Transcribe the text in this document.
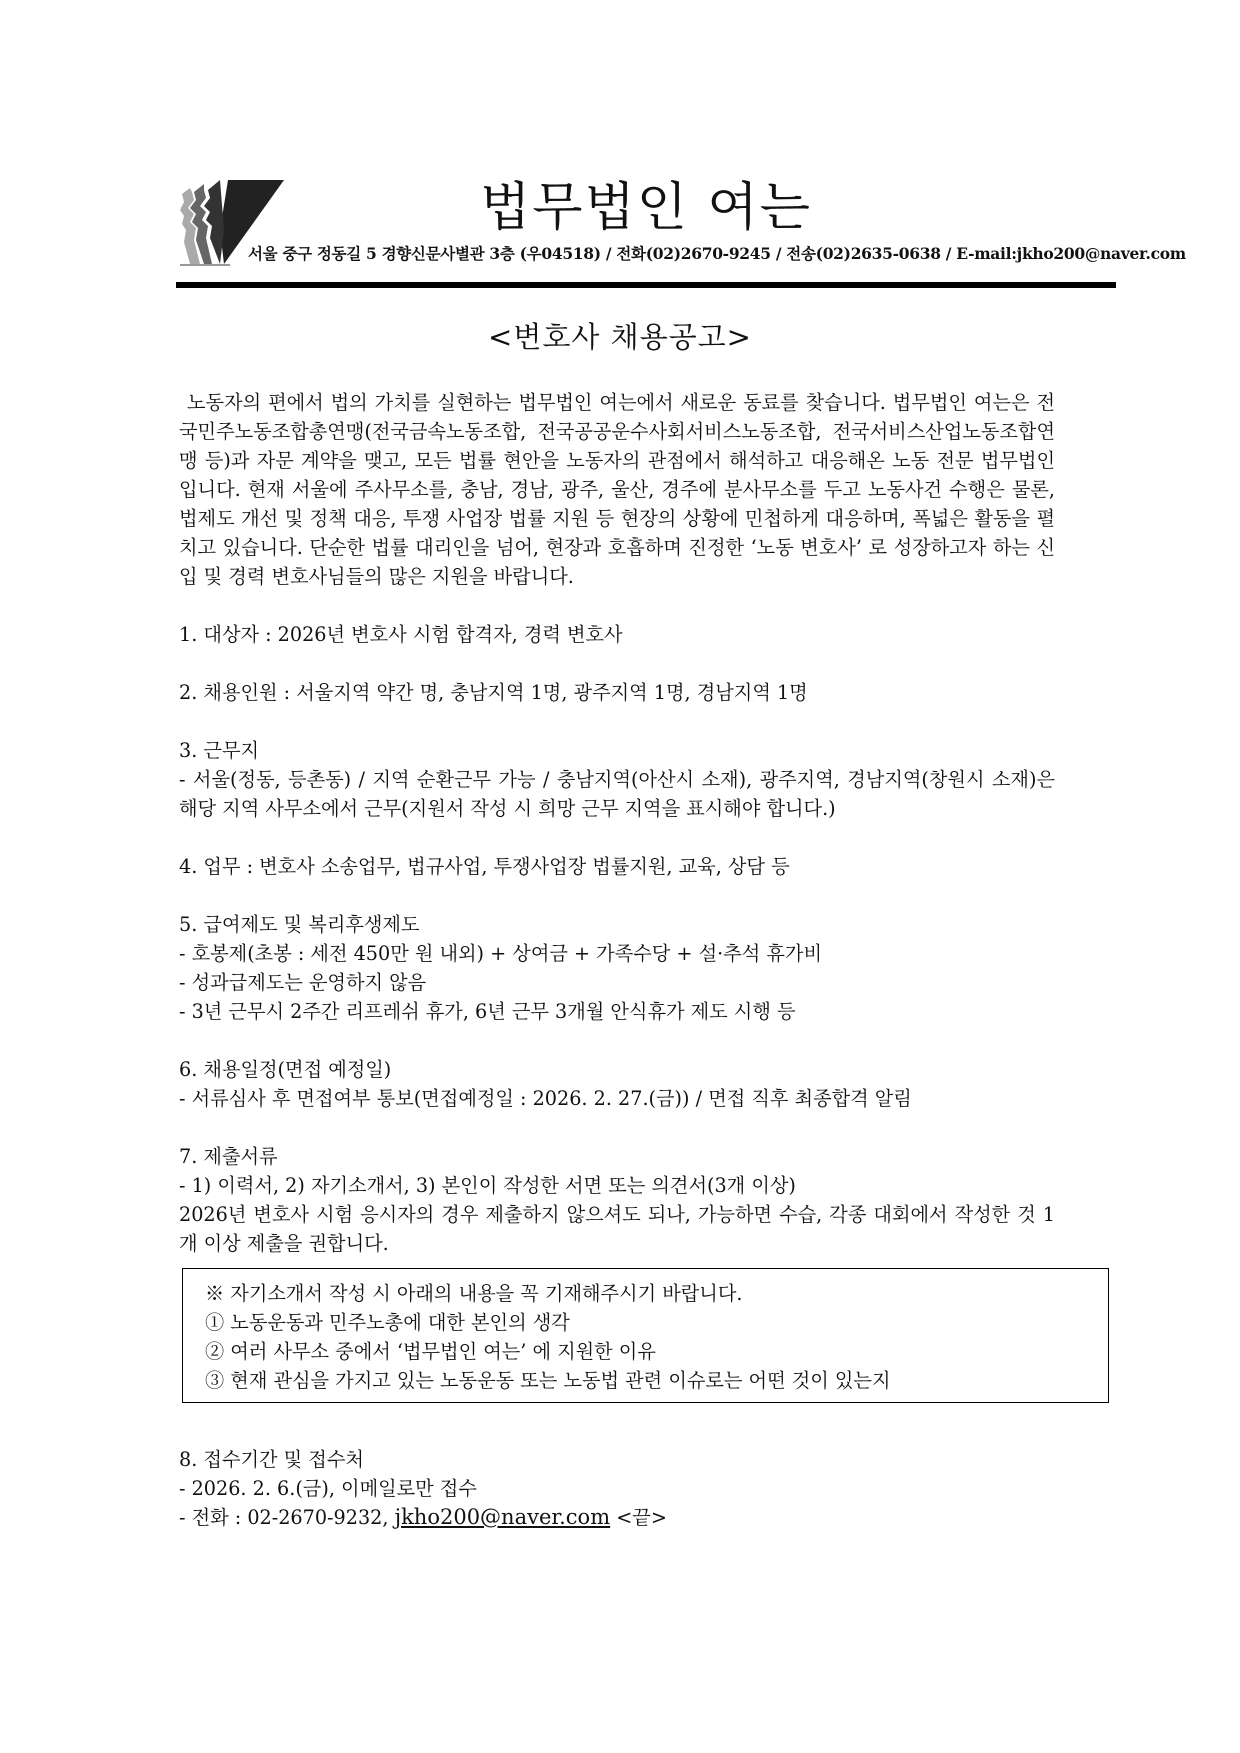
법무법인 여는
서울 중구 정동길 5 경향신문사별관 3층 (우04518) / 전화(02)2670-9245 / 전송(02)2635-0638 / E-mail:jkho200@naver.com
<변호사 채용공고>

노동자의 편에서 법의 가치를 실현하는 법무법인 여는에서 새로운 동료를 찾습니다. 법무법인 여는은 전국민주노동조합총연맹(전국금속노동조합, 전국공공운수사회서비스노동조합, 전국서비스산업노동조합연맹 등)과 자문 계약을 맺고, 모든 법률 현안을 노동자의 관점에서 해석하고 대응해온 노동 전문 법무법인입니다. 현재 서울에 주사무소를, 충남, 경남, 광주, 울산, 경주에 분사무소를 두고 노동사건 수행은 물론, 법제도 개선 및 정책 대응, 투쟁 사업장 법률 지원 등 현장의 상황에 민첩하게 대응하며, 폭넓은 활동을 펼치고 있습니다. 단순한 법률 대리인을 넘어, 현장과 호흡하며 진정한 ‘노동 변호사’ 로 성장하고자 하는 신입 및 경력 변호사님들의 많은 지원을 바랍니다.

1. 대상자 : 2026년 변호사 시험 합격자, 경력 변호사
2. 채용인원 : 서울지역 약간 명, 충남지역 1명, 광주지역 1명, 경남지역 1명
3. 근무지
- 서울(정동, 등촌동) / 지역 순환근무 가능 / 충남지역(아산시 소재), 광주지역, 경남지역(창원시 소재)은 해당 지역 사무소에서 근무(지원서 작성 시 희망 근무 지역을 표시해야 합니다.)
4. 업무 : 변호사 소송업무, 법규사업, 투쟁사업장 법률지원, 교육, 상담 등
5. 급여제도 및 복리후생제도
- 호봉제(초봉 : 세전 450만 원 내외) + 상여금 + 가족수당 + 설·추석 휴가비
- 성과급제도는 운영하지 않음
- 3년 근무시 2주간 리프레쉬 휴가, 6년 근무 3개월 안식휴가 제도 시행 등
6. 채용일정(면접 예정일)
- 서류심사 후 면접여부 통보(면접예정일 : 2026. 2. 27.(금)) / 면접 직후 최종합격 알림
7. 제출서류
- 1) 이력서, 2) 자기소개서, 3) 본인이 작성한 서면 또는 의견서(3개 이상)
2026년 변호사 시험 응시자의 경우 제출하지 않으셔도 되나, 가능하면 수습, 각종 대회에서 작성한 것 1개 이상 제출을 권합니다.
※ 자기소개서 작성 시 아래의 내용을 꼭 기재해주시기 바랍니다.
① 노동운동과 민주노총에 대한 본인의 생각
② 여러 사무소 중에서 ‘법무법인 여는’ 에 지원한 이유
③ 현재 관심을 가지고 있는 노동운동 또는 노동법 관련 이슈로는 어떤 것이 있는지
8. 접수기간 및 접수처
- 2026. 2. 6.(금), 이메일로만 접수
- 전화 : 02-2670-9232, jkho200@naver.com <끝>
